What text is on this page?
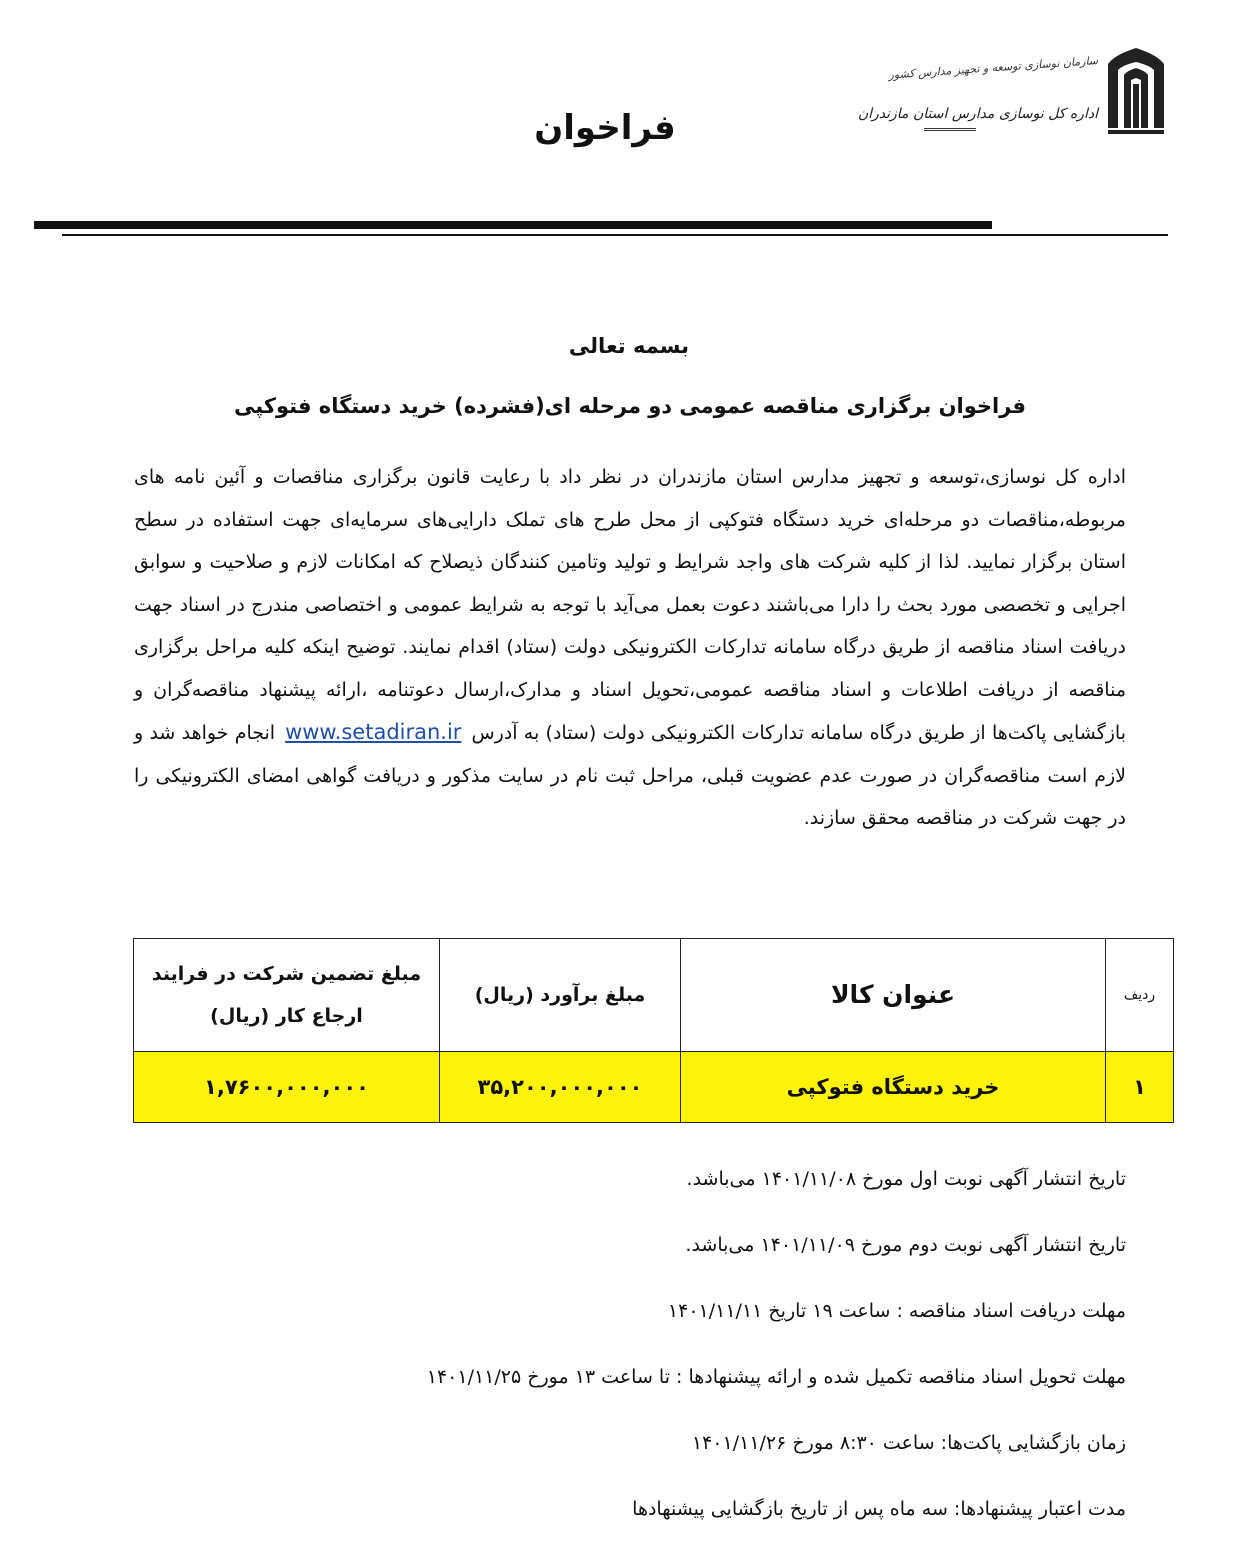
سازمان نوسازی توسعه و تجهیز مدارس کشور
اداره کل نوسازی مدارس استان مازندران
فراخوان
بسمه تعالی
فراخوان برگزاری مناقصه عمومی دو مرحله ای(فشرده) خرید دستگاه فتوکپی
اداره کل نوسازی،توسعه و تجهیز مدارس استان مازندران در نظر داد با رعایت قانون برگزاری مناقصات و آئین نامه های مربوطه،مناقصات دو مرحله‌ای خرید دستگاه فتوکپی از محل طرح های تملک دارایی‌های سرمایه‌ای جهت استفاده در سطح استان برگزار نمایید. لذا از کلیه شرکت های واجد شرایط و تولید وتامین کنندگان ذیصلاح که امکانات لازم و صلاحیت و سوابق اجرایی و تخصصی مورد بحث را دارا می‌باشند دعوت بعمل می‌آید با توجه به شرایط عمومی و اختصاصی مندرج در اسناد جهت دریافت اسناد مناقصه از طریق درگاه سامانه تدارکات الکترونیکی دولت (ستاد) اقدام نمایند. توضیح اینکه کلیه مراحل برگزاری مناقصه از دریافت اطلاعات و اسناد مناقصه عمومی،تحویل اسناد و مدارک،ارسال دعوتنامه ،ارائه پیشنهاد مناقصه‌گران و بازگشایی پاکت‌ها از طریق درگاه سامانه تدارکات الکترونیکی دولت (ستاد) به آدرسwww.setadiran.irانجام خواهد شد و لازم است مناقصه‌گران در صورت عدم عضویت قبلی، مراحل ثبت نام در سایت مذکور و دریافت گواهی امضای الکترونیکی را در جهت شرکت در مناقصه محقق سازند.
ردیف	عنوان کالا	مبلغ برآورد (ریال)	مبلغ تضمین شرکت در فرایند
ارجاع کار (ریال)

۱	خرید دستگاه فتوکپی	۳۵,۲۰۰,۰۰۰,۰۰۰	۱,۷۶۰۰,۰۰۰,۰۰۰
تاریخ انتشار آگهی نوبت اول مورخ ۱۴۰۱/۱۱/۰۸ می‌باشد.
تاریخ انتشار آگهی نوبت دوم مورخ ۱۴۰۱/۱۱/۰۹ می‌باشد.
مهلت دریافت اسناد مناقصه : ساعت ۱۹ تاریخ ۱۴۰۱/۱۱/۱۱
مهلت تحویل اسناد مناقصه تکمیل شده و ارائه پیشنهادها : تا ساعت ۱۳ مورخ ۱۴۰۱/۱۱/۲۵
زمان بازگشایی پاکت‌ها: ساعت ۸:۳۰ مورخ ۱۴۰۱/۱۱/۲۶
مدت اعتبار پیشنهادها: سه ماه پس از تاریخ بازگشایی پیشنهادها
